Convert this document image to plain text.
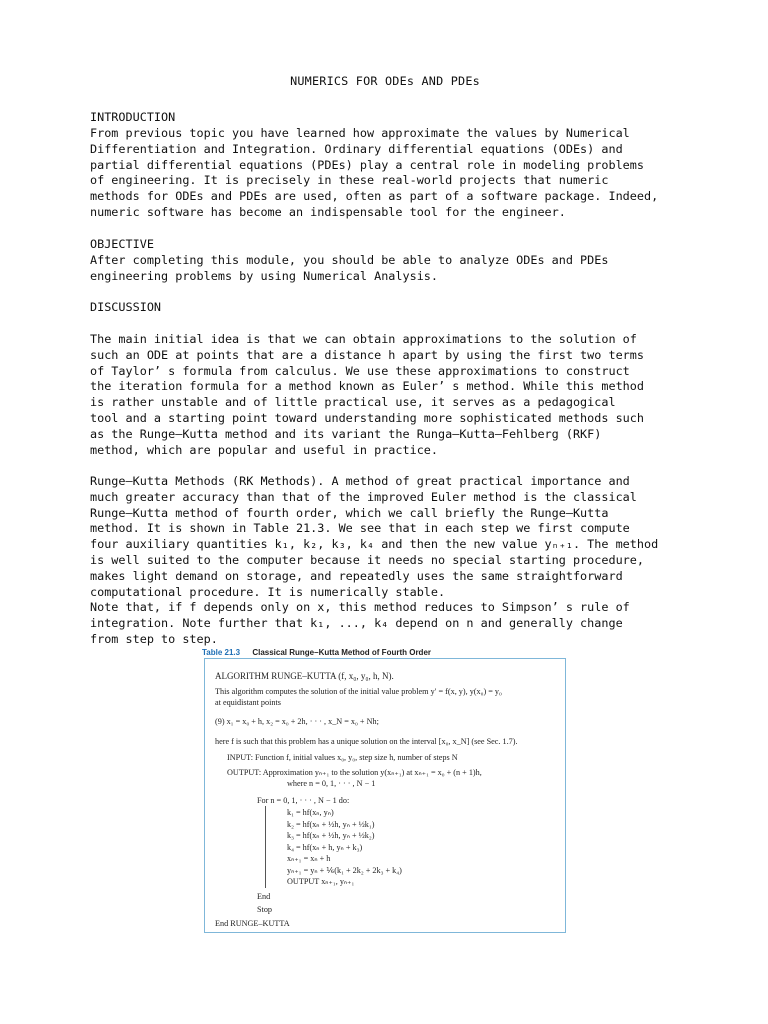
NUMERICS FOR ODEs AND PDEs
INTRODUCTION
From previous topic you have learned how approximate the values by Numerical
Differentiation and Integration. Ordinary differential equations (ODEs) and
partial differential equations (PDEs) play a central role in modeling problems
of engineering. It is precisely in these real-world projects that numeric
methods for ODEs and PDEs are used, often as part of a software package. Indeed,
numeric software has become an indispensable tool for the engineer.
OBJECTIVE
After completing this module, you should be able to analyze ODEs and PDEs
engineering problems by using Numerical Analysis.
DISCUSSION
The main initial idea is that we can obtain approximations to the solution of
such an ODE at points that are a distance h apart by using the first two terms
of Taylor’ s formula from calculus. We use these approximations to construct
the iteration formula for a method known as Euler’ s method. While this method
is rather unstable and of little practical use, it serves as a pedagogical
tool and a starting point toward understanding more sophisticated methods such
as the Runge–Kutta method and its variant the Runga–Kutta–Fehlberg (RKF)
method, which are popular and useful in practice.
Runge–Kutta Methods (RK Methods). A method of great practical importance and
much greater accuracy than that of the improved Euler method is the classical
Runge–Kutta method of fourth order, which we call briefly the Runge–Kutta
method. It is shown in Table 21.3. We see that in each step we first compute
four auxiliary quantities k₁, k₂, k₃, k₄ and then the new value yₙ₊₁. The method
is well suited to the computer because it needs no special starting procedure,
makes light demand on storage, and repeatedly uses the same straightforward
computational procedure. It is numerically stable.
Note that, if f depends only on x, this method reduces to Simpson’ s rule of
integration. Note further that k₁, ..., k₄ depend on n and generally change
from step to step.
Table 21.3 Classical Runge–Kutta Method of Fourth Order
ALGORITHM RUNGE–KUTTA (f, x₀, y₀, h, N).
This algorithm computes the solution of the initial value problem y′ = f(x, y), y(x₀) = y₀
at equidistant points
(9) x₁ = x₀ + h, x₂ = x₀ + 2h, · · · , x_N = x₀ + Nh;
here f is such that this problem has a unique solution on the interval [x₀, x_N] (see Sec. 1.7).
INPUT: Function f, initial values x₀, y₀, step size h, number of steps N
OUTPUT: Approximation yₙ₊₁ to the solution y(xₙ₊₁) at xₙ₊₁ = x₀ + (n + 1)h,
where n = 0, 1, · · · , N − 1
For n = 0, 1, · · · , N − 1 do:
k₁ = hf(xₙ, yₙ)
k₂ = hf(xₙ + ½h, yₙ + ½k₁)
k₃ = hf(xₙ + ½h, yₙ + ½k₂)
k₄ = hf(xₙ + h, yₙ + k₃)
xₙ₊₁ = xₙ + h
yₙ₊₁ = yₙ + ⅙(k₁ + 2k₂ + 2k₃ + k₄)
OUTPUT xₙ₊₁, yₙ₊₁
End
Stop
End RUNGE–KUTTA
